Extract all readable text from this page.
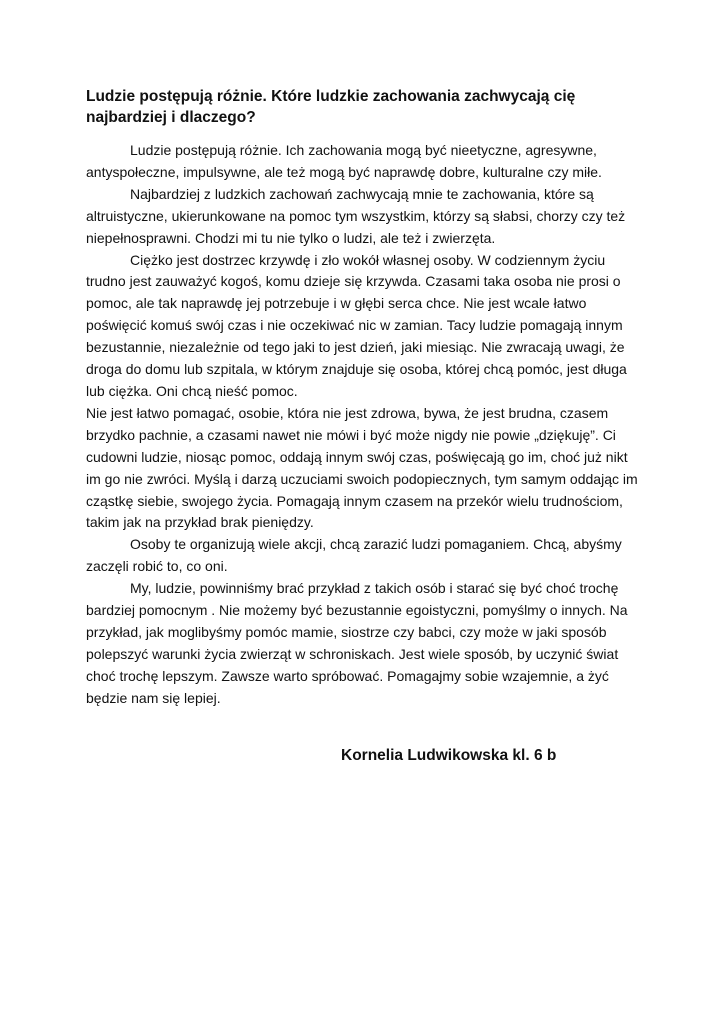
Ludzie postępują różnie. Które ludzkie zachowania zachwycają cię najbardziej i dlaczego?

Ludzie postępują różnie. Ich zachowania mogą być nieetyczne, agresywne, antyspołeczne, impulsywne, ale też mogą być naprawdę dobre, kulturalne czy miłe.

Najbardziej z ludzkich zachowań zachwycają mnie te zachowania, które są altruistyczne, ukierunkowane na pomoc tym wszystkim, którzy są słabsi, chorzy czy też niepełnosprawni. Chodzi mi tu nie tylko o ludzi, ale też i zwierzęta.

Ciężko jest dostrzec krzywdę i zło wokół własnej osoby. W codziennym życiu trudno jest zauważyć kogoś, komu dzieje się krzywda. Czasami taka osoba nie prosi o pomoc, ale tak naprawdę jej potrzebuje i w głębi serca chce. Nie jest wcale łatwo poświęcić komuś swój czas i nie oczekiwać nic w zamian. Tacy ludzie pomagają innym bezustannie, niezależnie od tego jaki to jest dzień, jaki miesiąc. Nie zwracają uwagi, że droga do domu lub szpitala, w którym znajduje się osoba, której chcą pomóc, jest długa lub ciężka. Oni chcą nieść pomoc.

Nie jest łatwo pomagać, osobie, która nie jest zdrowa, bywa, że jest brudna, czasem brzydko pachnie, a czasami nawet nie mówi i być może nigdy nie powie „dziękuję”. Ci cudowni ludzie, niosąc pomoc, oddają innym swój czas, poświęcają go im, choć już nikt im go nie zwróci. Myślą i darzą uczuciami swoich podopiecznych, tym samym oddając im cząstkę siebie, swojego życia. Pomagają innym czasem na przekór wielu trudnościom, takim jak na przykład brak pieniędzy.

Osoby te organizują wiele akcji, chcą zarazić ludzi pomaganiem. Chcą, abyśmy zaczęli robić to, co oni.

My, ludzie, powinniśmy brać przykład z takich osób i starać się być choć trochę bardziej pomocnym . Nie możemy być bezustannie egoistyczni, pomyślmy o innych. Na przykład, jak moglibyśmy pomóc mamie, siostrze czy babci, czy może w jaki sposób polepszyć warunki życia zwierząt w schroniskach. Jest wiele sposób, by uczynić świat choć trochę lepszym. Zawsze warto spróbować. Pomagajmy sobie wzajemnie, a żyć będzie nam się lepiej.

Kornelia Ludwikowska kl. 6 b
